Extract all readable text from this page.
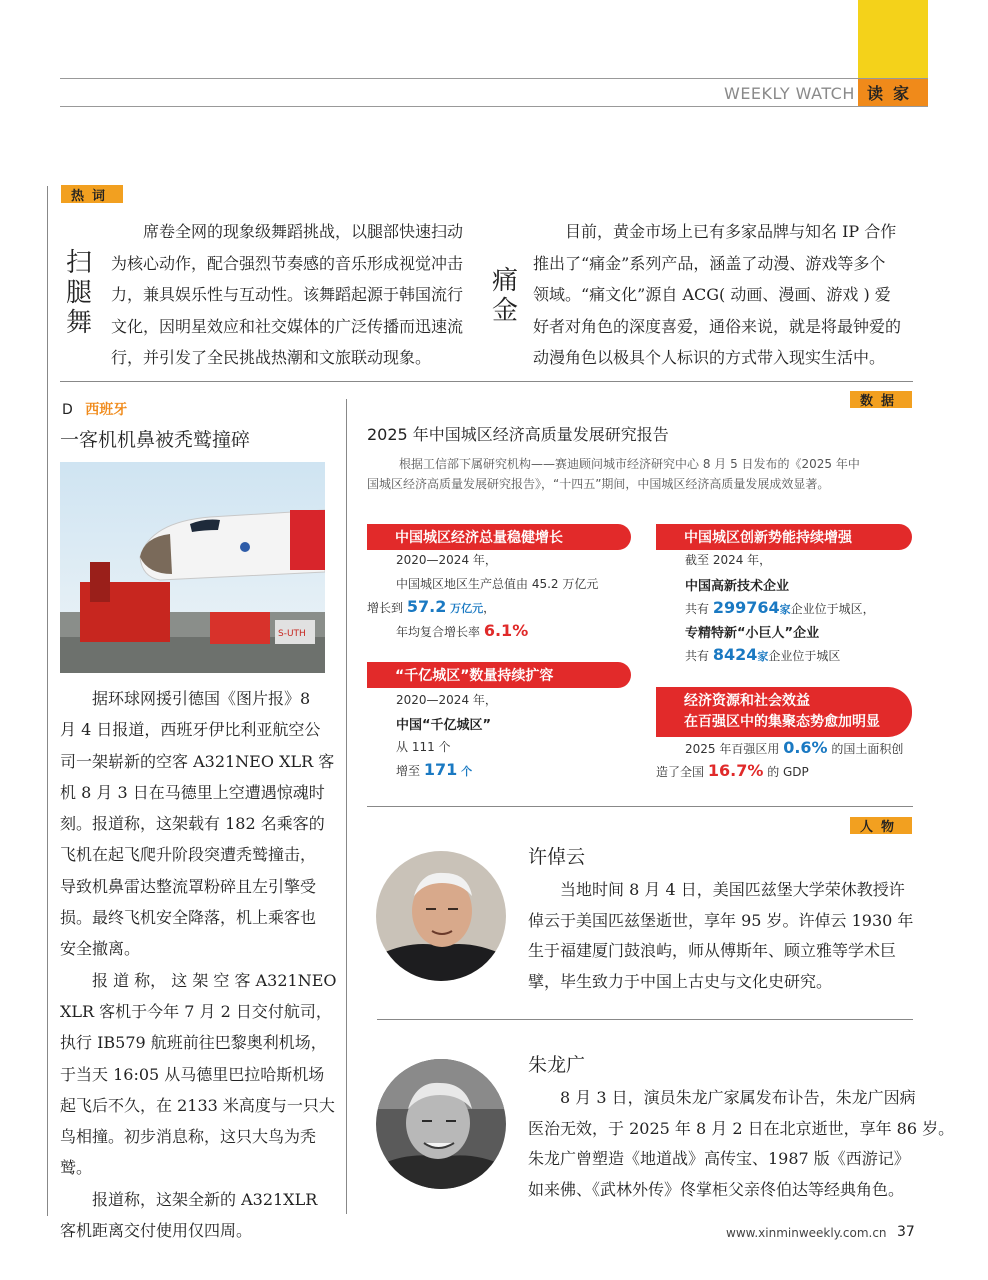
WEEKLY WATCH 读家
热词
扫
腿
舞
席卷全网的现象级舞蹈挑战，以腿部快速扫动
为核心动作，配合强烈节奏感的音乐形成视觉冲击
力，兼具娱乐性与互动性。该舞蹈起源于韩国流行
文化，因明星效应和社交媒体的广泛传播而迅速流
行，并引发了全民挑战热潮和文旅联动现象。
痛
金
目前，黄金市场上已有多家品牌与知名 IP 合作
推出了“痛金”系列产品，涵盖了动漫、游戏等多个
领域。“痛文化”源自 ACG( 动画、漫画、游戏 ) 爱
好者对角色的深度喜爱，通俗来说，就是将最钟爱的
动漫角色以极具个人标识的方式带入现实生活中。
D 西班牙
一客机机鼻被秃鹫撞碎
S-UTH
据环球网援引德国《图片报》8
月 4 日报道，西班牙伊比利亚航空公
司一架崭新的空客 A321NEO XLR 客
机 8 月 3 日在马德里上空遭遇惊魂时
刻。报道称，这架载有 182 名乘客的
飞机在起飞爬升阶段突遭秃鹫撞击，
导致机鼻雷达整流罩粉碎且左引擎受
损。最终飞机安全降落，机上乘客也
安全撤离。
报 道 称， 这 架 空 客 A321NEO
XLR 客机于今年 7 月 2 日交付航司，
执行 IB579 航班前往巴黎奥利机场，
于当天 16:05 从马德里巴拉哈斯机场
起飞后不久，在 2133 米高度与一只大
鸟相撞。初步消息称，这只大鸟为秃
鹫。
报道称，这架全新的 A321XLR
客机距离交付使用仅四周。
数据
2025 年中国城区经济高质量发展研究报告
根据工信部下属研究机构——赛迪顾问城市经济研究中心 8 月 5 日发布的《2025 年中
国城区经济高质量发展研究报告》，“十四五”期间，中国城区经济高质量发展成效显著。
中国城区经济总量稳健增长
2020—2024 年，
中国城区地区生产总值由 45.2 万亿元
增长到 57.2 万亿元，
年均复合增长率 6.1%
“千亿城区”数量持续扩容
2020—2024 年，
中国“千亿城区”
从 111 个
增至 171 个
中国城区创新势能持续增强
截至 2024 年，
中国高新技术企业
共有 299764家企业位于城区，
专精特新“小巨人”企业
共有 8424家企业位于城区
经济资源和社会效益
在百强区中的集聚态势愈加明显
2025 年百强区用 0.6% 的国土面积创
造了全国 16.7% 的 GDP
人物
许倬云
当地时间 8 月 4 日，美国匹兹堡大学荣休教授许
倬云于美国匹兹堡逝世，享年 95 岁。许倬云 1930 年
生于福建厦门鼓浪屿，师从傅斯年、顾立雅等学术巨
擘，毕生致力于中国上古史与文化史研究。
朱龙广
8 月 3 日，演员朱龙广家属发布讣告，朱龙广因病
医治无效，于 2025 年 8 月 2 日在北京逝世，享年 86 岁。
朱龙广曾塑造《地道战》高传宝、1987 版《西游记》
如来佛、《武林外传》佟掌柜父亲佟伯达等经典角色。
www.xinminweekly.com.cn 37
